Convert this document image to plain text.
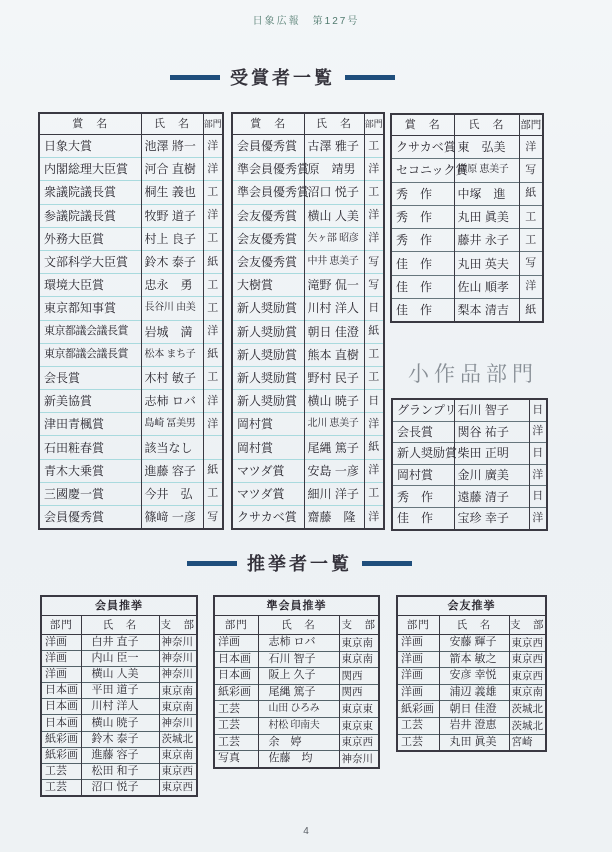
日象広報　第127号
受賞者一覧
賞　名	氏　名	部門
日象大賞	池澤 將一	洋
内閣総理大臣賞	河合 直樹	洋
衆議院議長賞	桐生 義也	工
参議院議長賞	牧野 道子	洋
外務大臣賞	村上 良子	工
文部科学大臣賞	鈴木 泰子	紙
環境大臣賞	忠永　勇	工
東京都知事賞	長谷川 由美	工
東京都議会議長賞	岩城　満	洋
東京都議会議長賞	松本 まち子	紙
会長賞	木村 敏子	工
新美協賞	志柿 ロバ	洋
津田青楓賞	島崎 冨美男	洋
石田粧春賞	該当なし	
青木大乗賞	進藤 容子	紙
三國慶一賞	今井　弘	工
会員優秀賞	篠﨑 一彦	写
賞　名	氏　名	部門
会員優秀賞	古澤 雅子	工
準会員優秀賞	原　靖男	洋
準会員優秀賞	沼口 悦子	工
会友優秀賞	横山 人美	洋
会友優秀賞	矢ヶ部 昭彦	洋
会友優秀賞	中井 恵美子	写
大樹賞	滝野 侃一	写
新人奨励賞	川村 洋人	日
新人奨励賞	朝日 佳澄	紙
新人奨励賞	熊本 直樹	工
新人奨励賞	野村 民子	工
新人奨励賞	横山 暁子	日
岡村賞	北川 恵美子	洋
岡村賞	尾縄 篤子	紙
マツダ賞	安島 一彦	洋
マツダ賞	細川 洋子	工
クサカベ賞	齋藤　隆	洋
賞　名	氏　名	部門
クサカベ賞	東　弘美	洋
セコニック賞	槇原 恵美子	写
秀　作	中塚　進	紙
秀　作	丸田 眞美	工
秀　作	藤井 永子	工
佳　作	丸田 英夫	写
佳　作	佐山 順孝	洋
佳　作	梨本 清吉	紙
小作品部門
グランプリ	石川 智子	日
会長賞	関谷 祐子	洋
新人奨励賞	柴田 正明	日
岡村賞	金川 廣美	洋
秀　作	遠藤 清子	日
佳　作	宝珍 幸子	洋
推挙者一覧
会員推挙		
部門	氏　名	支　部
洋画	白井 直子	神奈川
洋画	内山 臣一	神奈川
洋画	横山 人美	神奈川
日本画	平田 道子	東京南
日本画	川村 洋人	東京南
日本画	横山 暁子	神奈川
紙彩画	鈴木 泰子	茨城北
紙彩画	進藤 容子	東京南
工芸	松田 和子	東京西
工芸	沼口 悦子	東京西
準会員推挙		
部門	氏　名	支　部
洋画	志柿 ロバ	東京南
日本画	石川 智子	東京南
日本画	阪上 久子	関西
紙彩画	尾縄 篤子	関西
工芸	山田 ひろみ	東京東
工芸	村松 印南夫	東京東
工芸	余　婷	東京西
写真	佐藤　均	神奈川
会友推挙		
部門	氏　名	支　部
洋画	安藤 輝子	東京西
洋画	箭本 敏之	東京西
洋画	安彦 幸悦	東京西
洋画	浦辺 義雄	東京南
紙彩画	朝日 佳澄	茨城北
工芸	岩井 澄恵	茨城北
工芸	丸田 眞美	宮崎
4
